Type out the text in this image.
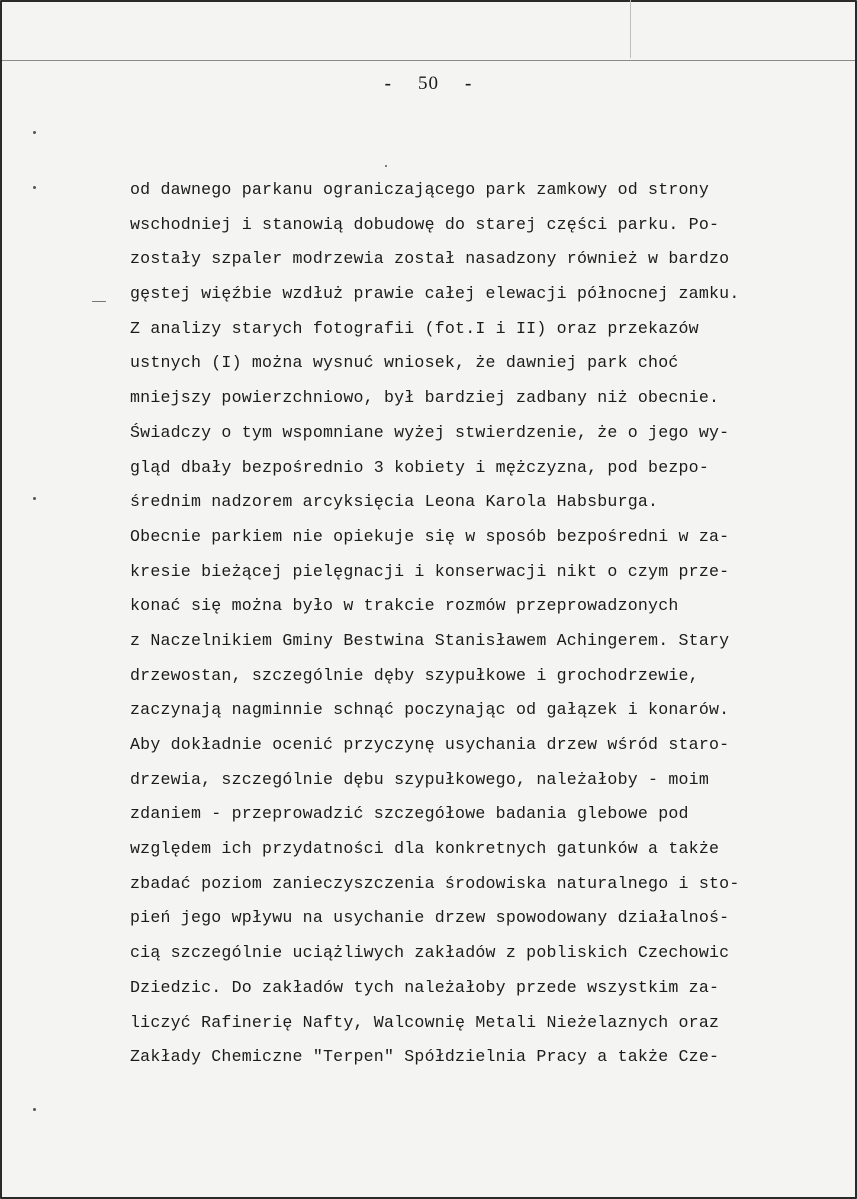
- 50 -
od dawnego parkanu ograniczającego park zamkowy od strony
wschodniej i stanowią dobudowę do starej części parku. Po-
zostały szpaler modrzewia został nasadzony również w bardzo
gęstej więźbie wzdłuż prawie całej elewacji północnej zamku.
Z analizy starych fotografii (fot.I i II) oraz przekazów
ustnych (I) można wysnuć wniosek, że dawniej park choć
mniejszy powierzchniowo, był bardziej zadbany niż obecnie.
Świadczy o tym wspomniane wyżej stwierdzenie, że o jego wy-
gląd dbały bezpośrednio 3 kobiety i mężczyzna, pod bezpo-
średnim nadzorem arcyksięcia Leona Karola Habsburga.
Obecnie parkiem nie opiekuje się w sposób bezpośredni w za-
kresie bieżącej pielęgnacji i konserwacji nikt o czym prze-
konać się można było w trakcie rozmów przeprowadzonych
z Naczelnikiem Gminy Bestwina Stanisławem Achingerem. Stary
drzewostan, szczególnie dęby szypułkowe i grochodrzewie,
zaczynają nagminnie schnąć poczynając od gałązek i konarów.
Aby dokładnie ocenić przyczynę usychania drzew wśród staro-
drzewia, szczególnie dębu szypułkowego, należałoby - moim
zdaniem - przeprowadzić szczegółowe badania glebowe pod
względem ich przydatności dla konkretnych gatunków a także
zbadać poziom zanieczyszczenia środowiska naturalnego i sto-
pień jego wpływu na usychanie drzew spowodowany działalnoś-
cią szczególnie uciążliwych zakładów z pobliskich Czechowic
Dziedzic. Do zakładów tych należałoby przede wszystkim za-
liczyć Rafinerię Nafty, Walcownię Metali Nieżelaznych oraz
Zakłady Chemiczne "Terpen" Spółdzielnia Pracy a także Cze-
